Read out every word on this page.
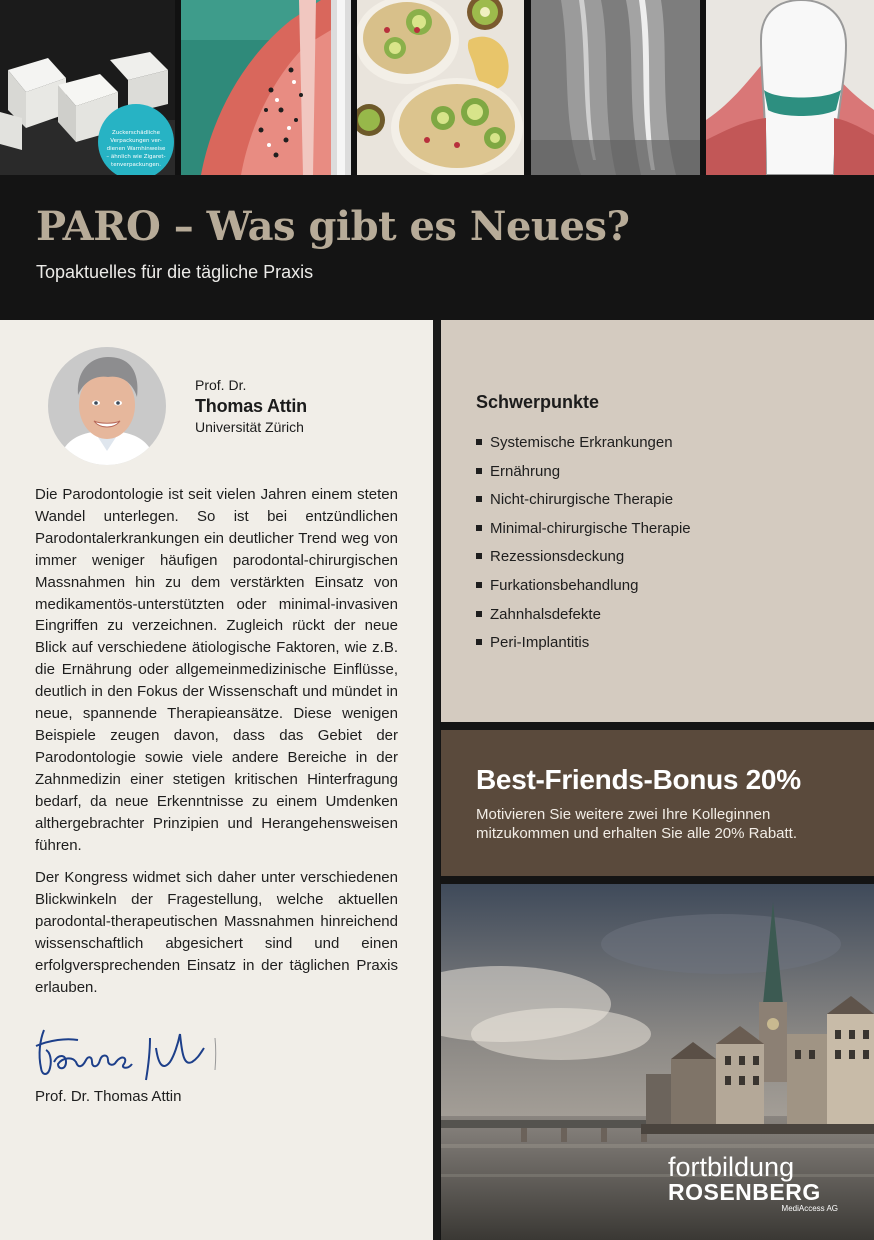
Zuckerschädliche
Verpackungen ver-
dienen Warnhinweise
– ähnlich wie Zigaret-
tenverpackungen.
PARO – Was gibt es Neues?
Topaktuelles für die tägliche Praxis
Prof. Dr.
Thomas Attin
Universität Zürich

Die Parodontologie ist seit vielen Jahren einem steten Wandel unterlegen. So ist bei entzündlichen Parodontalerkrankungen ein deutlicher Trend weg von immer weniger häufigen parodontal-chirurgischen Massnahmen hin zu dem verstärkten Einsatz von medikamentös-unterstützten oder minimal-invasiven Eingriffen zu verzeichnen. Zugleich rückt der neue Blick auf verschiedene ätiologische Faktoren, wie z.B. die Ernährung oder allgemeinmedizinische Einflüsse, deutlich in den Fokus der Wissenschaft und mündet in neue, spannende Therapieansätze. Diese wenigen Beispiele zeugen davon, dass das Gebiet der Parodontologie sowie viele andere Bereiche in der Zahnmedizin einer stetigen kritischen Hinterfragung bedarf, da neue Erkenntnisse zu einem Umdenken althergebrachter Prinzipien und Herangehensweisen führen.

Der Kongress widmet sich daher unter verschiedenen Blickwinkeln der Fragestellung, welche aktuellen parodontal-therapeutischen Massnahmen hinreichend wissenschaftlich abgesichert sind und einen erfolgversprechenden Einsatz in der täglichen Praxis erlauben.

Prof. Dr. Thomas Attin
Schwerpunkte
Systemische Erkrankungen
Ernährung
Nicht-chirurgische Therapie
Minimal-chirurgische Therapie
Rezessionsdeckung
Furkationsbehandlung
Zahnhalsdefekte
Peri-Implantitis
Best-Friends-Bonus 20%
Motivieren Sie weitere zwei Ihre Kolleginnen mitzukommen und erhalten Sie alle 20% Rabatt.
fortbildung
ROSENBERG
MediAccess AG
